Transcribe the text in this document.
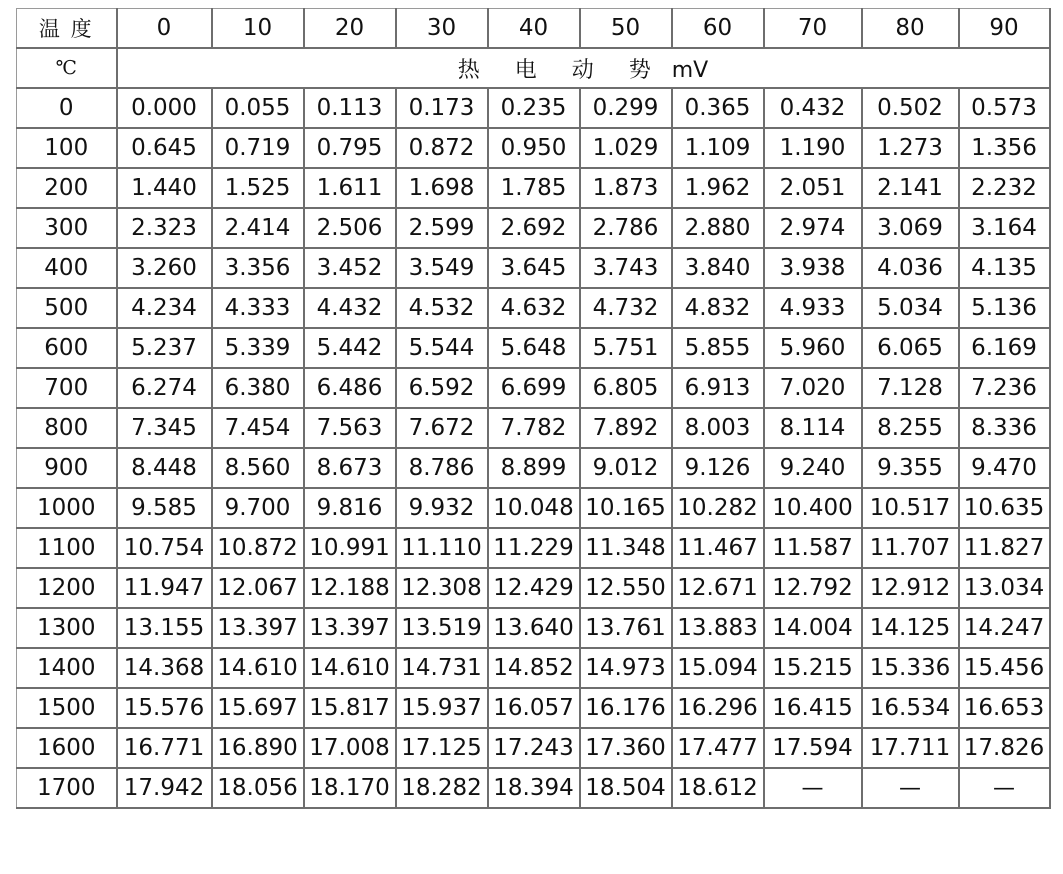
温 度	0	10	20	30	40	50	60	70	80	90
℃	热 电 动 势 mV									
0	0.000	0.055	0.113	0.173	0.235	0.299	0.365	0.432	0.502	0.573
100	0.645	0.719	0.795	0.872	0.950	1.029	1.109	1.190	1.273	1.356
200	1.440	1.525	1.611	1.698	1.785	1.873	1.962	2.051	2.141	2.232
300	2.323	2.414	2.506	2.599	2.692	2.786	2.880	2.974	3.069	3.164
400	3.260	3.356	3.452	3.549	3.645	3.743	3.840	3.938	4.036	4.135
500	4.234	4.333	4.432	4.532	4.632	4.732	4.832	4.933	5.034	5.136
600	5.237	5.339	5.442	5.544	5.648	5.751	5.855	5.960	6.065	6.169
700	6.274	6.380	6.486	6.592	6.699	6.805	6.913	7.020	7.128	7.236
800	7.345	7.454	7.563	7.672	7.782	7.892	8.003	8.114	8.255	8.336
900	8.448	8.560	8.673	8.786	8.899	9.012	9.126	9.240	9.355	9.470
1000	9.585	9.700	9.816	9.932	10.048	10.165	10.282	10.400	10.517	10.635
1100	10.754	10.872	10.991	11.110	11.229	11.348	11.467	11.587	11.707	11.827
1200	11.947	12.067	12.188	12.308	12.429	12.550	12.671	12.792	12.912	13.034
1300	13.155	13.397	13.397	13.519	13.640	13.761	13.883	14.004	14.125	14.247
1400	14.368	14.610	14.610	14.731	14.852	14.973	15.094	15.215	15.336	15.456
1500	15.576	15.697	15.817	15.937	16.057	16.176	16.296	16.415	16.534	16.653
1600	16.771	16.890	17.008	17.125	17.243	17.360	17.477	17.594	17.711	17.826
1700	17.942	18.056	18.170	18.282	18.394	18.504	18.612	—	—	—
